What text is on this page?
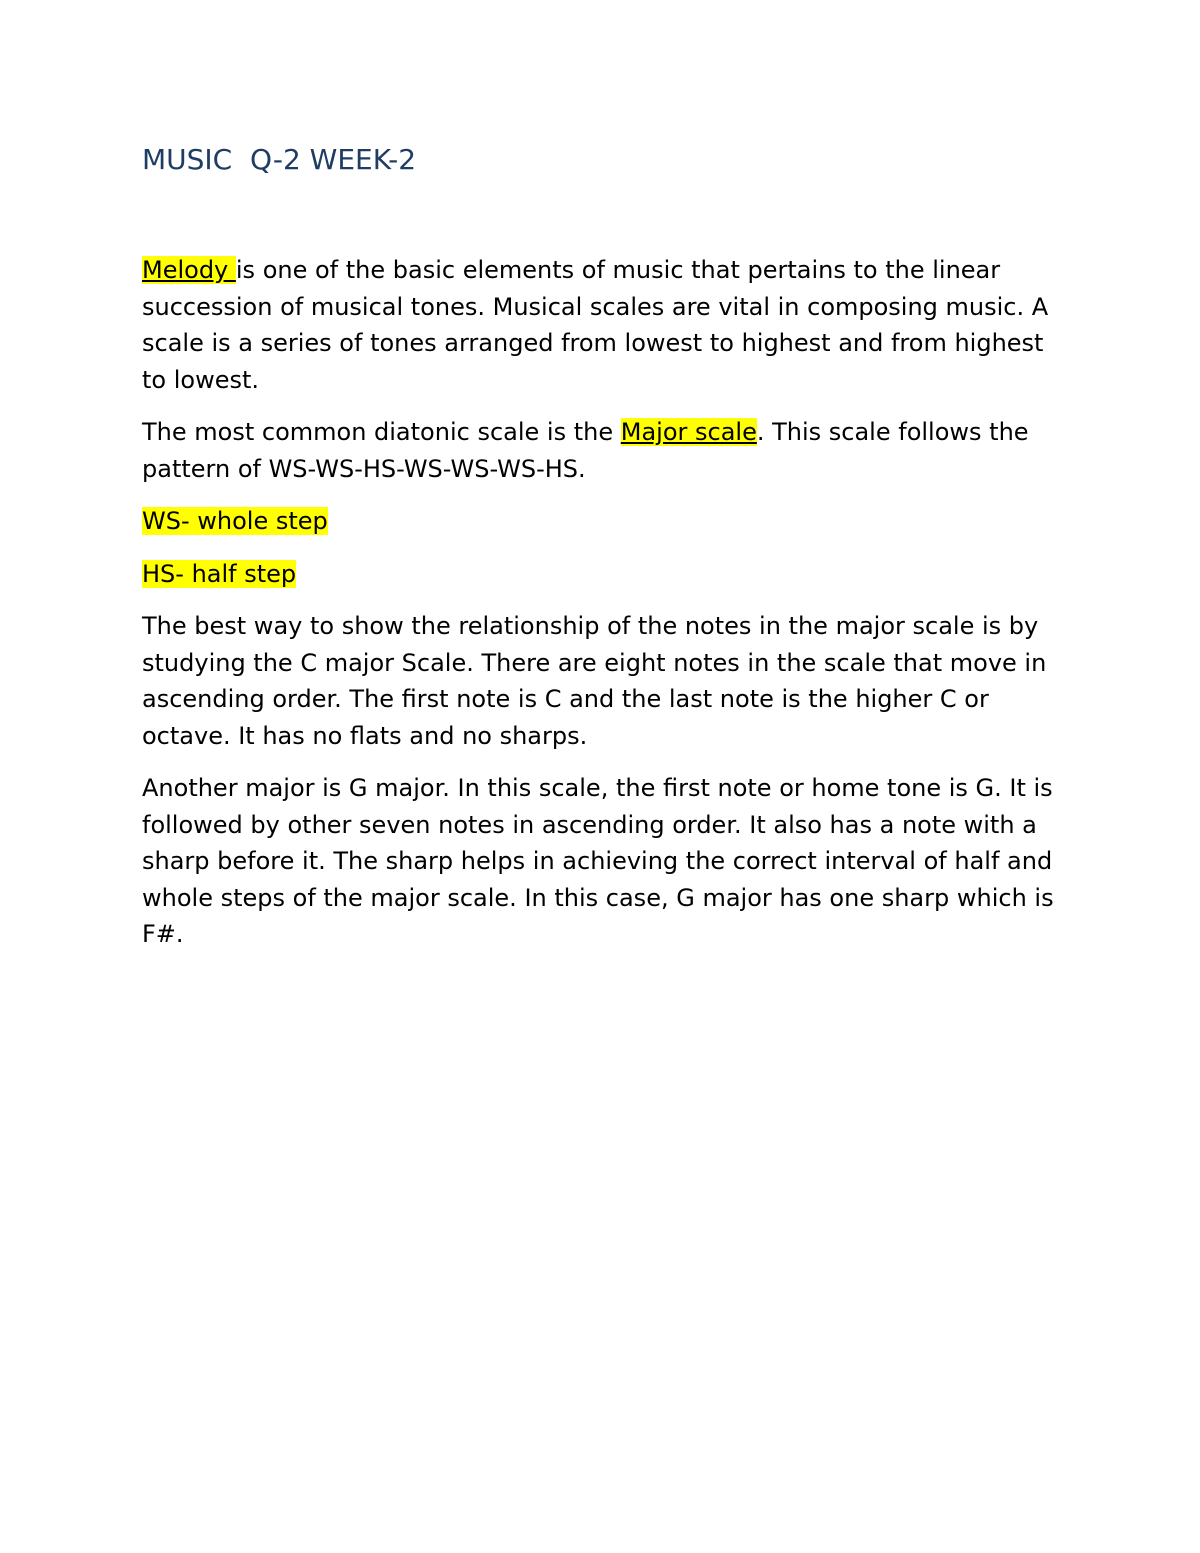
MUSIC  Q-2 WEEK-2

Melody is one of the basic elements of music that pertains to the linear succession of musical tones. Musical scales are vital in composing music. A scale is a series of tones arranged from lowest to highest and from highest to lowest.

The most common diatonic scale is the Major scale. This scale follows the pattern of WS-WS-HS-WS-WS-WS-HS.

WS- whole step

HS- half step

The best way to show the relationship of the notes in the major scale is by studying the C major Scale. There are eight notes in the scale that move in ascending order. The first note is C and the last note is the higher C or octave. It has no flats and no sharps.

Another major is G major. In this scale, the first note or home tone is G. It is followed by other seven notes in ascending order. It also has a note with a sharp before it. The sharp helps in achieving the correct interval of half and whole steps of the major scale. In this case, G major has one sharp which is F#.
